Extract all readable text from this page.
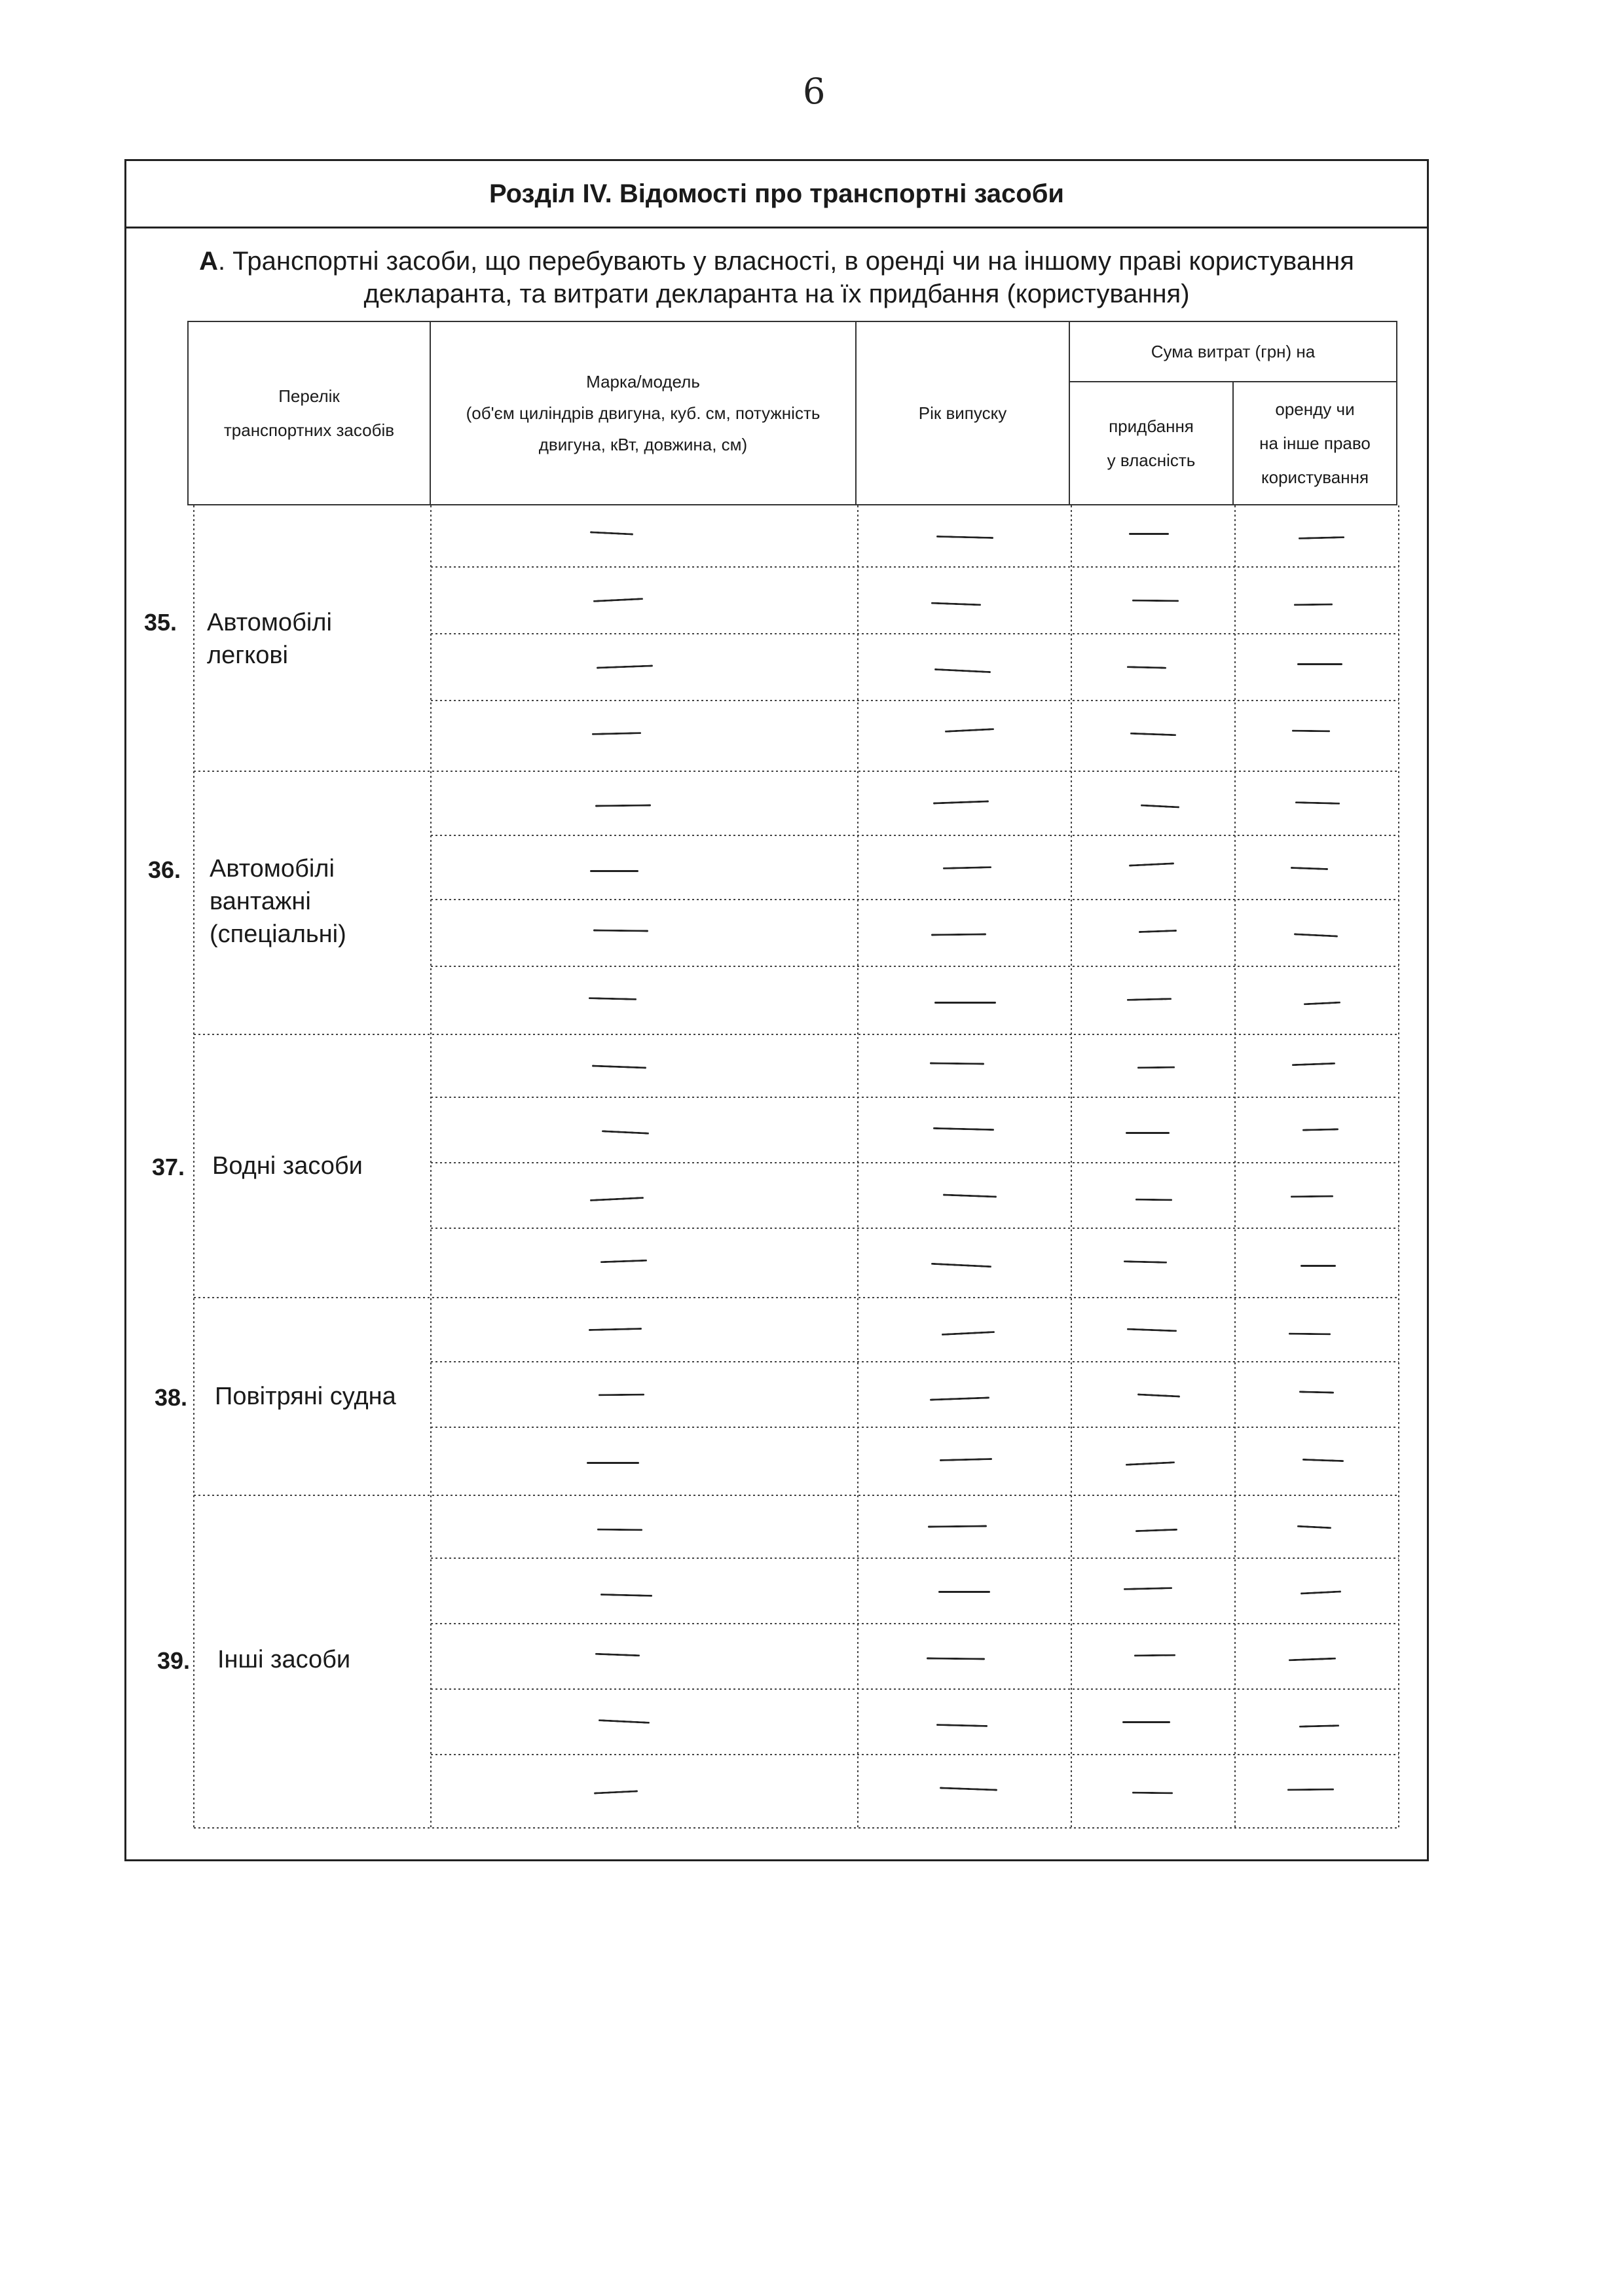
6
Розділ IV. Відомості про транспортні засоби
А. Транспортні засоби, що перебувають у власності, в оренді чи на іншому праві користування
декларанта, та витрати декларанта на їх придбання (користування)
Перелік
транспортних засобів
Марка/модель
(об'єм циліндрів двигуна, куб. см, потужність
двигуна, кВт, довжина, см)
Рік випуску
Сума витрат (грн) на
придбання
у власність
оренду чи
на інше право
користування
35. Автомобілі
легкові
36. Автомобілі
вантажні
(спеціальні)
37. Водні засоби
38. Повітряні судна
39. Інші засоби
